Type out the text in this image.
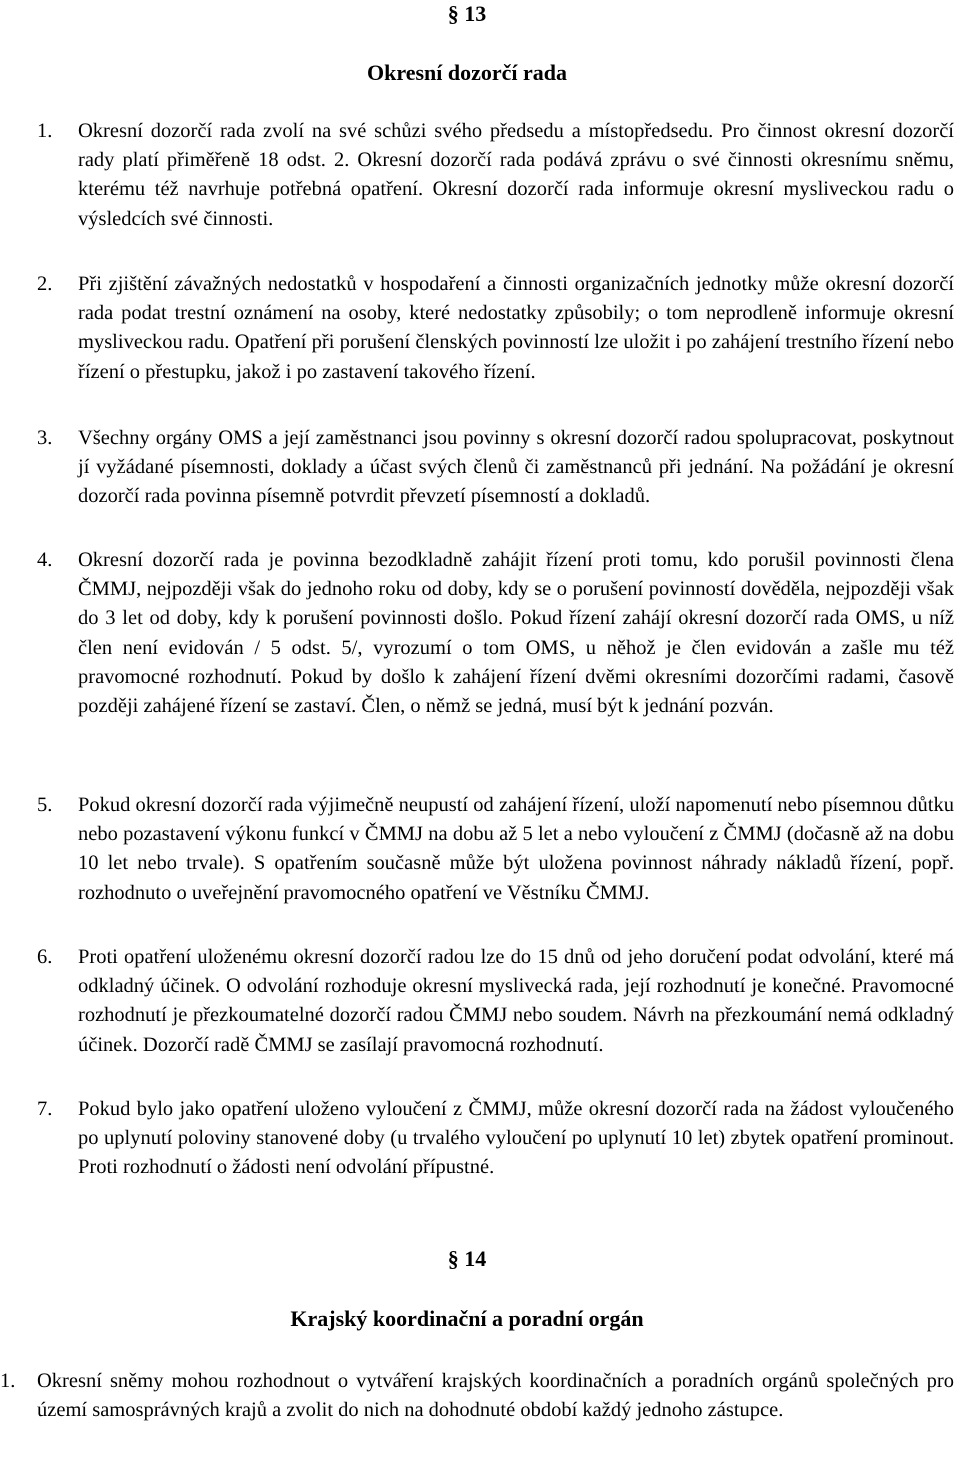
§ 13
Okresní dozorčí rada
1.	Okresní dozorčí rada zvolí na své schůzi svého předsedu a místopředsedu. Pro činnost okresní dozorčí rady platí přiměřeně 18 odst. 2. Okresní dozorčí rada podává zprávu o své činnosti okresnímu sněmu, kterému též navrhuje potřebná opatření. Okresní dozorčí rada informuje okresní mysliveckou radu o výsledcích své činnosti.
2.	Při zjištění závažných nedostatků v hospodaření a činnosti organizačních jednotky může okresní dozorčí rada podat trestní oznámení na osoby, které nedostatky způsobily; o tom neprodleně informuje okresní mysliveckou radu. Opatření při porušení členských povinností lze uložit i po zahájení trestního řízení nebo řízení o přestupku, jakož i po zastavení takového řízení.
3.	Všechny orgány OMS a její zaměstnanci jsou povinny s okresní dozorčí radou spolupracovat, poskytnout jí vyžádané písemnosti, doklady a účast svých členů či zaměstnanců při jednání. Na požádání je okresní dozorčí rada povinna písemně potvrdit převzetí písemností a dokladů.
4.	Okresní dozorčí rada je povinna bezodkladně zahájit řízení proti tomu, kdo porušil povinnosti člena ČMMJ, nejpozději však do jednoho roku od doby, kdy se o porušení povinností dověděla, nejpozději však do 3 let od doby, kdy k porušení povinnosti došlo. Pokud řízení zahájí okresní dozorčí rada OMS, u níž člen není evidován / 5 odst. 5/, vyrozumí o tom OMS, u něhož je člen evidován a zašle mu též pravomocné rozhodnutí. Pokud by došlo k zahájení řízení dvěmi okresními dozorčími radami, časově později zahájené řízení se zastaví. Člen, o němž se jedná, musí být k jednání pozván.
5.	Pokud okresní dozorčí rada výjimečně neupustí od zahájení řízení, uloží napomenutí nebo písemnou důtku nebo pozastavení výkonu funkcí v ČMMJ na dobu až 5 let a nebo vyloučení z ČMMJ (dočasně až na dobu 10 let nebo trvale). S opatřením současně může být uložena povinnost náhrady nákladů řízení, popř. rozhodnuto o uveřejnění pravomocného opatření ve Věstníku ČMMJ.
6.	Proti opatření uloženému okresní dozorčí radou lze do 15 dnů od jeho doručení podat odvolání, které má odkladný účinek. O odvolání rozhoduje okresní myslivecká rada, její rozhodnutí je konečné. Pravomocné rozhodnutí je přezkoumatelné dozorčí radou ČMMJ nebo soudem. Návrh na přezkoumání nemá odkladný účinek. Dozorčí radě ČMMJ se zasílají pravomocná rozhodnutí.
7.	Pokud bylo jako opatření uloženo vyloučení z ČMMJ, může okresní dozorčí rada na žádost vyloučeného po uplynutí poloviny stanovené doby (u trvalého vyloučení po uplynutí 10 let) zbytek opatření prominout. Proti rozhodnutí o žádosti není odvolání přípustné.
§ 14
Krajský koordinační a poradní orgán
1.	Okresní sněmy mohou rozhodnout o vytváření krajských koordinačních a poradních orgánů společných pro území samosprávných krajů a zvolit do nich na dohodnuté období každý jednoho zástupce.
